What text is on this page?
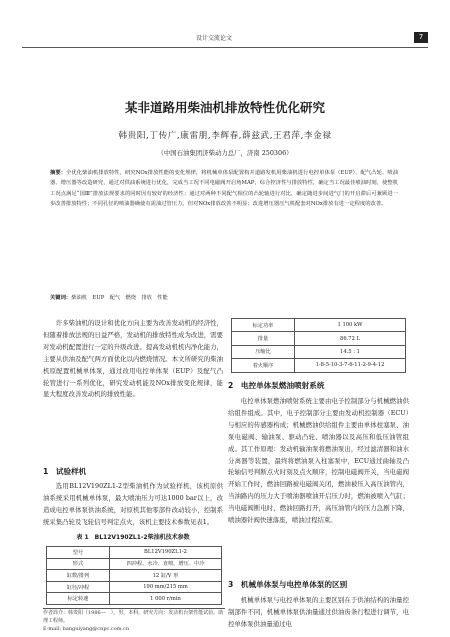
设计交流论文	7
某非道路用柴油机排放特性优化研究
韩贵阳,丁传广,康雷朋,李辉春,薛兹武,王君萍,李金禄
（中国石油集团济柴动力总厂，济南 250306）
摘要：全优化柴油机排放特性，研究NOx排放性能的变化规律，将机械单体泵配置构并道路发机用柴油机进行电控单体泵（EUP）、配气凸轮、喷油器、增压器等改造研究，通过对供油系统进行优化，完成当工况不同电磁阀开启角MAP，综合控济性与排放特性，确定当工况最佳喷油时刻，使整机工况点满足“国Ⅲ”排放法规要求的同时因有较好的经济性；通过对两种不同配气相位的凸轮轴进行对比，确定随进步间进气门的开启滞后可兼顾进一步改善排放特性；不同孔径的喷油器确使有需油过管压力，但对NOx排放改善不明显；改进增压器压气机配套对NOx排放有进一定程度的改善。
关键词：柴油机　EUP　配气　燃烧　排放　性能
许多柴油机的设计和优化方向主要为改善发动机的经济性，但随着排放法规的日益严格，发动机的排放特性成为改进，需要对发动机配置进行一定的升级改进。提高发动机机内净化能力，主要从供油及配气两方面优化以内燃烧情况。本文所研究的柴油机原配置机械单体泵，通过改用电控单体泵（EUP）及配气凸轮管进行一系列优化，研究发动机能及NOx排放变化规律，能显大程度改善发动机的排放性能。
1　试验样机
选用BL12V190ZL1-2型柴油机作为试验样机，该机原供油系统采用机械单体泵，最大喷油压力可达1000 bar以上，改造成电控单体泵供油系统，对原机其他零部件改动较小，控制系统采集凸轮及飞轮信号判定点火，该机主要技术参数见表1。
表 1　BL12V190ZL1-2柴油机技术参数
型号	BL12V190ZL1-2
形式	四冲程、水冷、直喷、增压、中冷
缸数/排列	12 缸/V 形
缸径/冲程	190 mm/215 mm
标定转速	1 000 r/min
标定功率	1 100 kW
排量	86.72 L
压缩比	14.5 : 1
着火顺序	1-8-5-10-3-7-6-11-2-9-4-12
2　电控单体泵燃油喷射系统
电控单体泵燃油喷射系统主要由电子控制部分与机械燃油供给组件组成。其中，电子控制部分主要由发动机控制器（ECU）与相应的传感器构成；机械燃油供给组件主要由单体柱塞泵、油泵电磁阀、输油泵、驱动凸轮、喷油器以及高压和低压油管组成。其工作原理：发动机输油泵将燃油泵出，经过滤清器和油水分离器等装置，最终将燃油泵入柱塞泵中，ECU通过曲轴及凸轮轴信号判断点火时刻及点火顺序，控制电磁阀开关，当电磁阀开始工作时，燃油回路被电磁阀关闭，燃油被压入高压油管内，当油路内的压力大于喷油器喷油开启压力时，燃油被喷入气缸；当电磁阀断电时，燃油回路打开，高压油管内的压力急剧下降，喷油器针阀快速落座，喷油过程结束。
3　机械单体泵与电控单体泵的区别
机械单体泵与电控单体泵的主要区别在于供油结构的油量控制部件不同，机械单体泵供油量通过供油齿条行程进行调节，电控单体泵供油量通过电
作者简介：韩贵阳（1986—　），男，本科，研究方向：发动机台架性能试验。助理工程师。
E-mail: hanguiyang@cnpc.com.cn
